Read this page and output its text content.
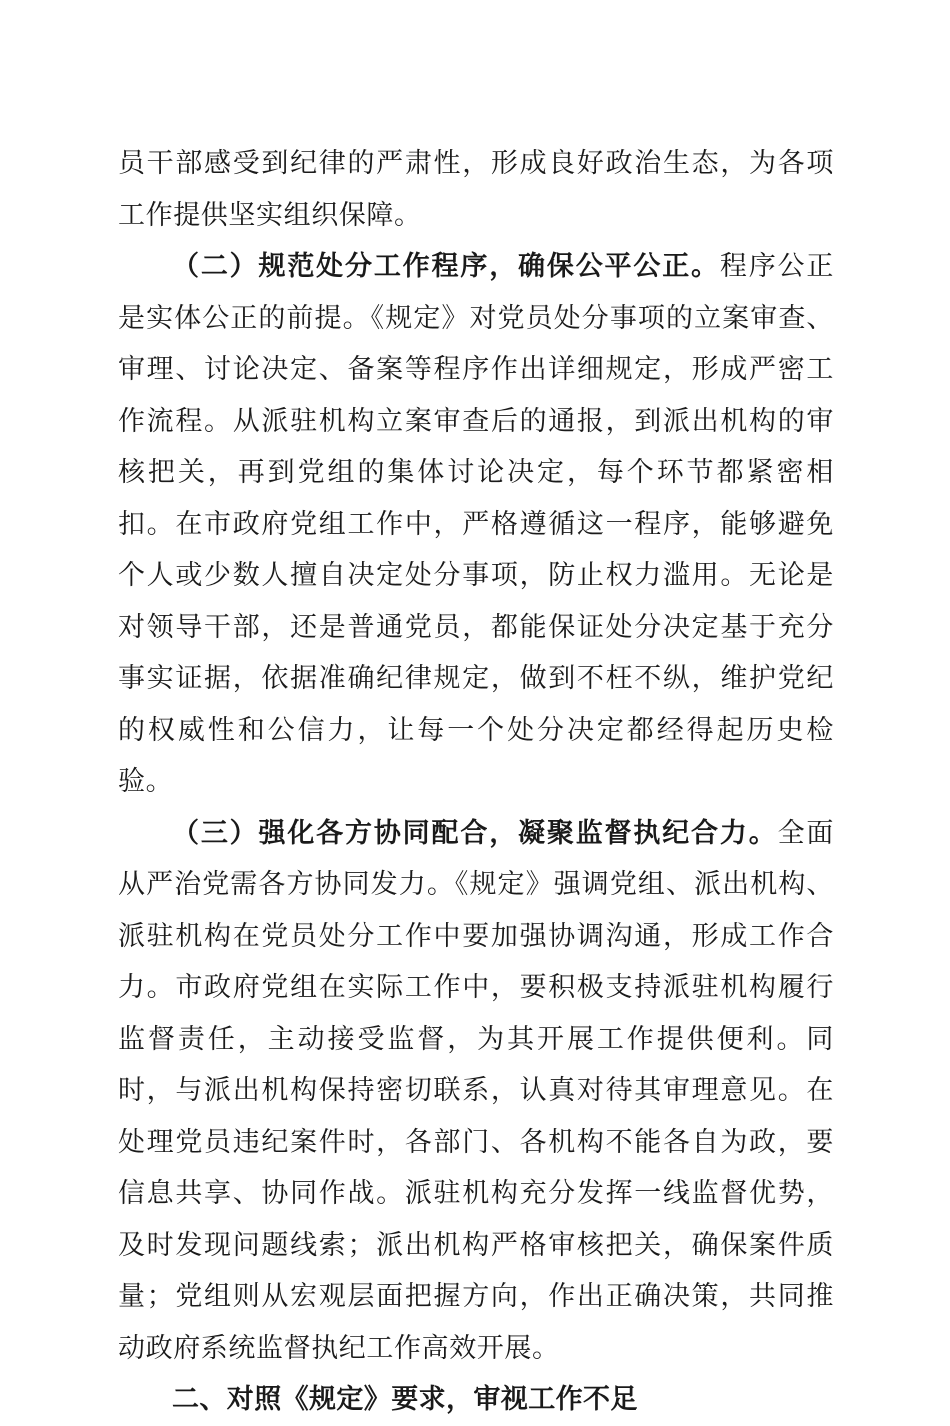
员干部感受到纪律的严肃性，形成良好政治生态，为各项工作提供坚实组织保障。

（二）规范处分工作程序，确保公平公正。程序公正是实体公正的前提。《规定》对党员处分事项的立案审查、审理、讨论决定、备案等程序作出详细规定，形成严密工作流程。从派驻机构立案审查后的通报，到派出机构的审核把关，再到党组的集体讨论决定，每个环节都紧密相扣。在市政府党组工作中，严格遵循这一程序，能够避免个人或少数人擅自决定处分事项，防止权力滥用。无论是对领导干部，还是普通党员，都能保证处分决定基于充分事实证据，依据准确纪律规定，做到不枉不纵，维护党纪的权威性和公信力，让每一个处分决定都经得起历史检验。

（三）强化各方协同配合，凝聚监督执纪合力。全面从严治党需各方协同发力。《规定》强调党组、派出机构、派驻机构在党员处分工作中要加强协调沟通，形成工作合力。市政府党组在实际工作中，要积极支持派驻机构履行监督责任，主动接受监督，为其开展工作提供便利。同时，与派出机构保持密切联系，认真对待其审理意见。在处理党员违纪案件时，各部门、各机构不能各自为政，要信息共享、协同作战。派驻机构充分发挥一线监督优势，及时发现问题线索；派出机构严格审核把关，确保案件质量；党组则从宏观层面把握方向，作出正确决策，共同推动政府系统监督执纪工作高效开展。

二、对照《规定》要求，审视工作不足
